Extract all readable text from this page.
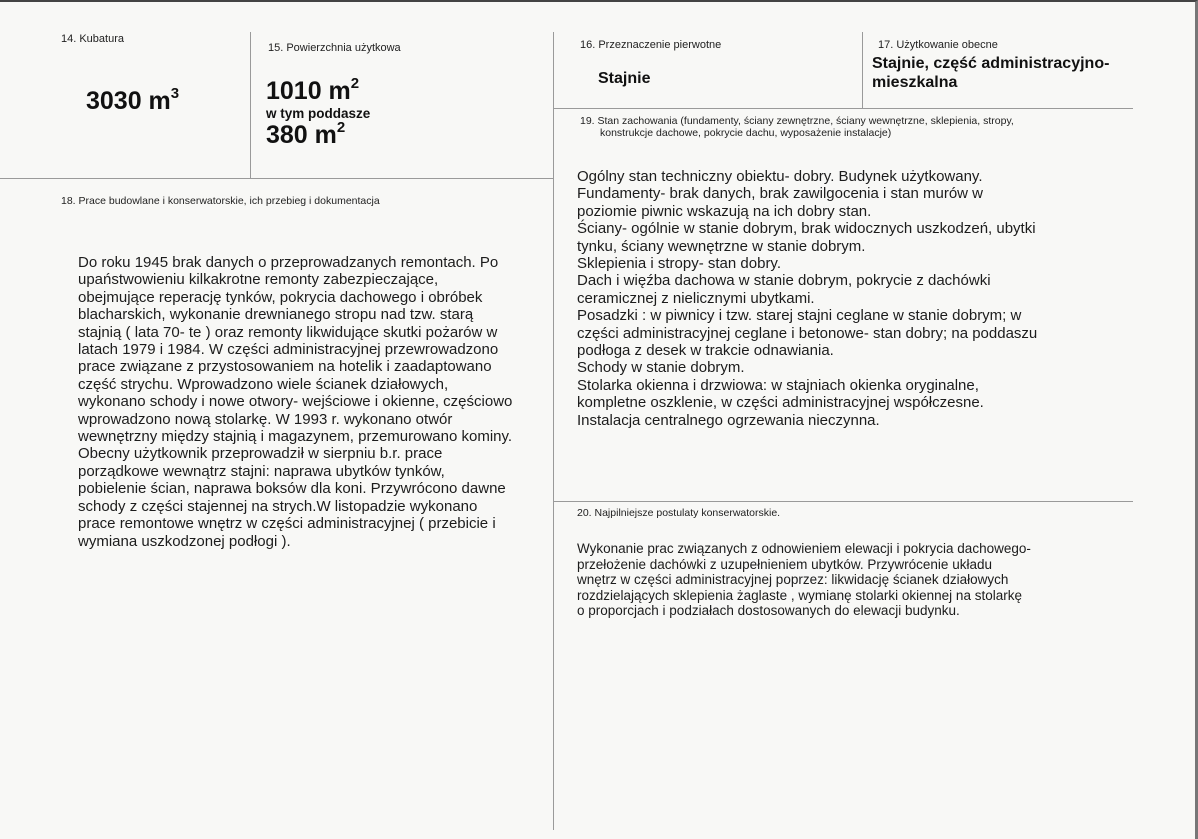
14. Kubatura
3030 $m^3$
15. Powierzchnia użytkowa
1010 $m^2$
w tym poddasze
380 $m^2$
16. Przeznaczenie pierwotne
Stajnie
17. Użytkowanie obecne
Stajnie, część administracyjno-
mieszkalna
18. Prace budowlane i konserwatorskie, ich przebieg i dokumentacja

Do roku 1945 brak danych o przeprowadzanych remontach. Po

upaństwowieniu kilkakrotne remonty zabezpieczające,

obejmujące reperację tynków, pokrycia dachowego i obróbek

blacharskich, wykonanie drewnianego stropu nad tzw. starą

stajnią ( lata 70- te ) oraz remonty likwidujące skutki pożarów w

latach 1979 i 1984. W części administracyjnej przewrowadzono

prace związane z przystosowaniem na hotelik i zaadaptowano

część strychu. Wprowadzono wiele ścianek działowych,

wykonano schody i nowe otwory- wejściowe i okienne, częściowo

wprowadzono nową stolarkę. W 1993 r. wykonano otwór

wewnętrzny między stajnią i magazynem, przemurowano kominy.

Obecny użytkownik przeprowadził w sierpniu b.r. prace

porządkowe wewnątrz stajni: naprawa ubytków tynków,

pobielenie ścian, naprawa boksów dla koni. Przywrócono dawne

schody z części stajennej na strych.W listopadzie wykonano

prace remontowe wnętrz w części administracyjnej ( przebicie i

wymiana uszkodzonej podłogi ).

19. Stan zachowania (fundamenty, ściany zewnętrzne, ściany wewnętrzne, sklepienia, stropy,
konstrukcje dachowe, pokrycie dachu, wyposażenie instalacje)

Ogólny stan techniczny obiektu- dobry. Budynek użytkowany.

Fundamenty- brak danych, brak zawilgocenia i stan murów w

poziomie piwnic wskazują na ich dobry stan.

Ściany- ogólnie w stanie dobrym, brak widocznych uszkodzeń, ubytki

tynku, ściany wewnętrzne w stanie dobrym.

Sklepienia i stropy- stan dobry.

Dach i więźba dachowa w stanie dobrym, pokrycie z dachówki

ceramicznej z nielicznymi ubytkami.

Posadzki : w piwnicy i tzw. starej stajni ceglane w stanie dobrym; w

części administracyjnej ceglane i betonowe- stan dobry; na poddaszu

podłoga z desek w trakcie odnawiania.

Schody w stanie dobrym.

Stolarka okienna i drzwiowa: w stajniach okienka oryginalne,

kompletne oszklenie, w części administracyjnej współczesne.

Instalacja centralnego ogrzewania nieczynna.

20. Najpilniejsze postulaty konserwatorskie.

Wykonanie prac związanych z odnowieniem elewacji i pokrycia dachowego-

przełożenie dachówki z uzupełnieniem ubytków. Przywrócenie układu

wnętrz w części administracyjnej poprzez: likwidację ścianek działowych

rozdzielających sklepienia żaglaste , wymianę stolarki okiennej na stolarkę

o proporcjach i podziałach dostosowanych do elewacji budynku.
